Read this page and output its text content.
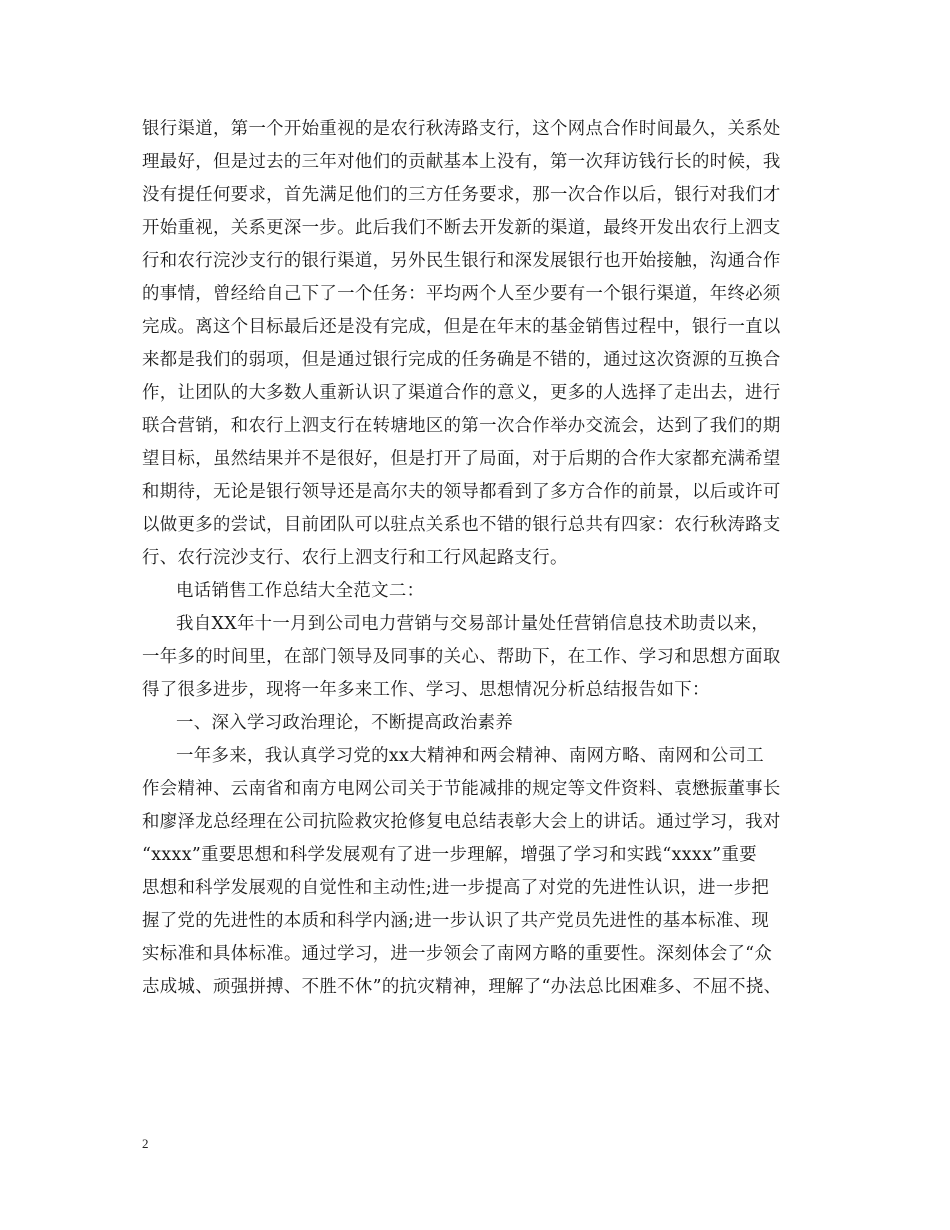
银行渠道，第一个开始重视的是农行秋涛路支行，这个网点合作时间最久，关系处
理最好，但是过去的三年对他们的贡献基本上没有，第一次拜访钱行长的时候，我
没有提任何要求，首先满足他们的三方任务要求，那一次合作以后，银行对我们才
开始重视，关系更深一步。此后我们不断去开发新的渠道，最终开发出农行上泗支
行和农行浣沙支行的银行渠道，另外民生银行和深发展银行也开始接触，沟通合作
的事情，曾经给自己下了一个任务：平均两个人至少要有一个银行渠道，年终必须
完成。离这个目标最后还是没有完成，但是在年末的基金销售过程中，银行一直以
来都是我们的弱项，但是通过银行完成的任务确是不错的，通过这次资源的互换合
作，让团队的大多数人重新认识了渠道合作的意义，更多的人选择了走出去，进行
联合营销，和农行上泗支行在转塘地区的第一次合作举办交流会，达到了我们的期
望目标，虽然结果并不是很好，但是打开了局面，对于后期的合作大家都充满希望
和期待，无论是银行领导还是高尔夫的领导都看到了多方合作的前景，以后或许可
以做更多的尝试，目前团队可以驻点关系也不错的银行总共有四家：农行秋涛路支
行、农行浣沙支行、农行上泗支行和工行风起路支行。
电话销售工作总结大全范文二：
我自XX年十一月到公司电力营销与交易部计量处任营销信息技术助责以来，
一年多的时间里，在部门领导及同事的关心、帮助下，在工作、学习和思想方面取
得了很多进步，现将一年多来工作、学习、思想情况分析总结报告如下：
一、深入学习政治理论，不断提高政治素养
一年多来，我认真学习党的xx大精神和两会精神、南网方略、南网和公司工
作会精神、云南省和南方电网公司关于节能减排的规定等文件资料、袁懋振董事长
和廖泽龙总经理在公司抗险救灾抢修复电总结表彰大会上的讲话。通过学习，我对
“xxxx”重要思想和科学发展观有了进一步理解，增强了学习和实践“xxxx”重要
思想和科学发展观的自觉性和主动性;进一步提高了对党的先进性认识，进一步把
握了党的先进性的本质和科学内涵;进一步认识了共产党员先进性的基本标准、现
实标准和具体标准。通过学习，进一步领会了南网方略的重要性。深刻体会了“众
志成城、顽强拼搏、不胜不休”的抗灾精神，理解了“办法总比困难多、不屈不挠、
2
